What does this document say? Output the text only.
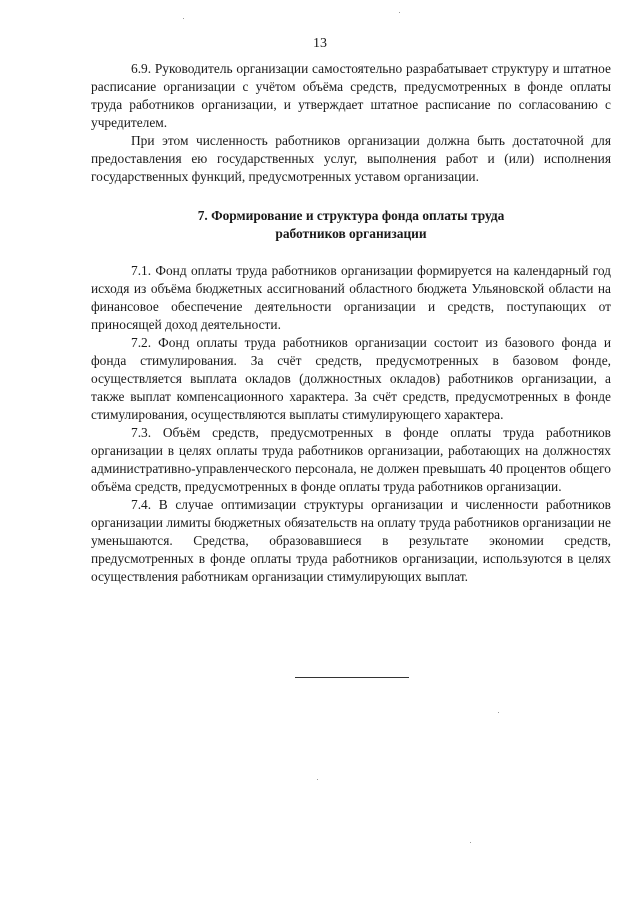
13

6.9. Руководитель организации самостоятельно разрабатывает структуру и штатное расписание организации с учётом объёма средств, предусмотренных в фонде оплаты труда работников организации, и утверждает штатное расписание по согласованию с учредителем.

При этом численность работников организации должна быть достаточной для предоставления ею государственных услуг, выполнения работ и (или) исполнения государственных функций, предусмотренных уставом организации.

7. Формирование и структура фонда оплаты труда
работников организации

7.1. Фонд оплаты труда работников организации формируется на календарный год исходя из объёма бюджетных ассигнований областного бюджета Ульяновской области на финансовое обеспечение деятельности организации и средств, поступающих от приносящей доход деятельности.

7.2. Фонд оплаты труда работников организации состоит из базового фонда и фонда стимулирования. За счёт средств, предусмотренных в базовом фонде, осуществляется выплата окладов (должностных окладов) работников организации, а также выплат компенсационного характера. За счёт средств, предусмотренных в фонде стимулирования, осуществляются выплаты стимулирующего характера.

7.3. Объём средств, предусмотренных в фонде оплаты труда работников организации в целях оплаты труда работников организации, работающих на должностях административно-управленческого персонала, не должен превышать 40 процентов общего объёма средств, предусмотренных в фонде оплаты труда работников организации.

7.4. В случае оптимизации структуры организации и численности работников организации лимиты бюджетных обязательств на оплату труда работников организации не уменьшаются. Средства, образовавшиеся в результате экономии средств, предусмотренных в фонде оплаты труда работников организации, используются в целях осуществления работникам организации стимулирующих выплат.
